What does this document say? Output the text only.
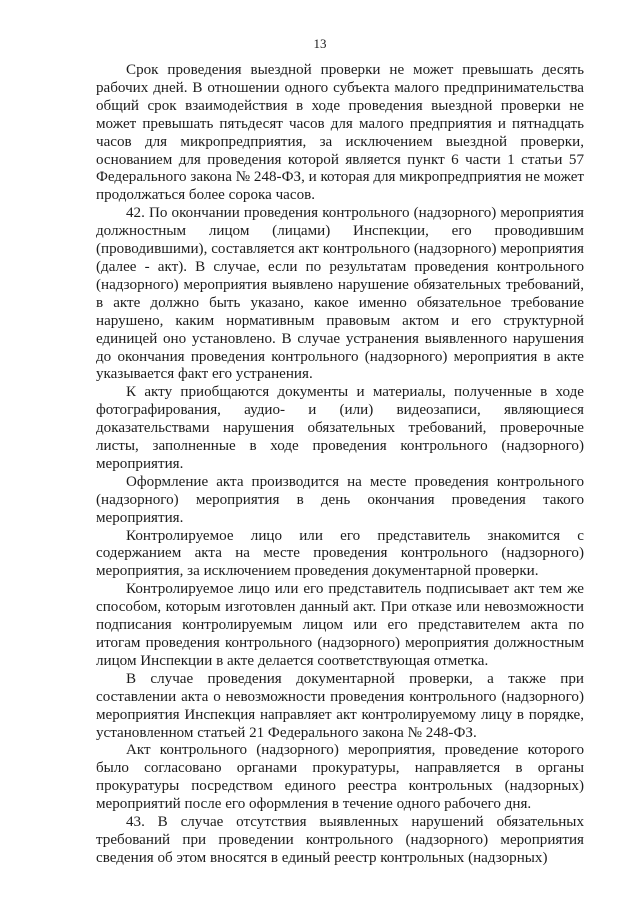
13

Срок проведения выездной проверки не может превышать десять рабочих дней. В отношении одного субъекта малого предпринимательства общий срок взаимодействия в ходе проведения выездной проверки не может превышать пятьдесят часов для малого предприятия и пятнадцать часов для микропредприятия, за исключением выездной проверки, основанием для проведения которой является пункт 6 части 1 статьи 57 Федерального закона № 248-ФЗ, и которая для микропредприятия не может продолжаться более сорока часов.

42. По окончании проведения контрольного (надзорного) мероприятия должностным лицом (лицами) Инспекции, его проводившим (проводившими), составляется акт контрольного (надзорного) мероприятия (далее - акт). В случае, если по результатам проведения контрольного (надзорного) мероприятия выявлено нарушение обязательных требований, в акте должно быть указано, какое именно обязательное требование нарушено, каким нормативным правовым актом и его структурной единицей оно установлено. В случае устранения выявленного нарушения до окончания проведения контрольного (надзорного) мероприятия в акте указывается факт его устранения.

К акту приобщаются документы и материалы, полученные в ходе фотографирования, аудио- и (или) видеозаписи, являющиеся доказательствами нарушения обязательных требований, проверочные листы, заполненные в ходе проведения контрольного (надзорного) мероприятия.

Оформление акта производится на месте проведения контрольного (надзорного) мероприятия в день окончания проведения такого мероприятия.

Контролируемое лицо или его представитель знакомится с содержанием акта на месте проведения контрольного (надзорного) мероприятия, за исключением проведения документарной проверки.

Контролируемое лицо или его представитель подписывает акт тем же способом, которым изготовлен данный акт. При отказе или невозможности подписания контролируемым лицом или его представителем акта по итогам проведения контрольного (надзорного) мероприятия должностным лицом Инспекции в акте делается соответствующая отметка.

В случае проведения документарной проверки, а также при составлении акта о невозможности проведения контрольного (надзорного) мероприятия Инспекция направляет акт контролируемому лицу в порядке, установленном статьей 21 Федерального закона № 248-ФЗ.

Акт контрольного (надзорного) мероприятия, проведение которого было согласовано органами прокуратуры, направляется в органы прокуратуры посредством единого реестра контрольных (надзорных) мероприятий после его оформления в течение одного рабочего дня.

43. В случае отсутствия выявленных нарушений обязательных требований при проведении контрольного (надзорного) мероприятия сведения об этом вносятся в единый реестр контрольных (надзорных)
